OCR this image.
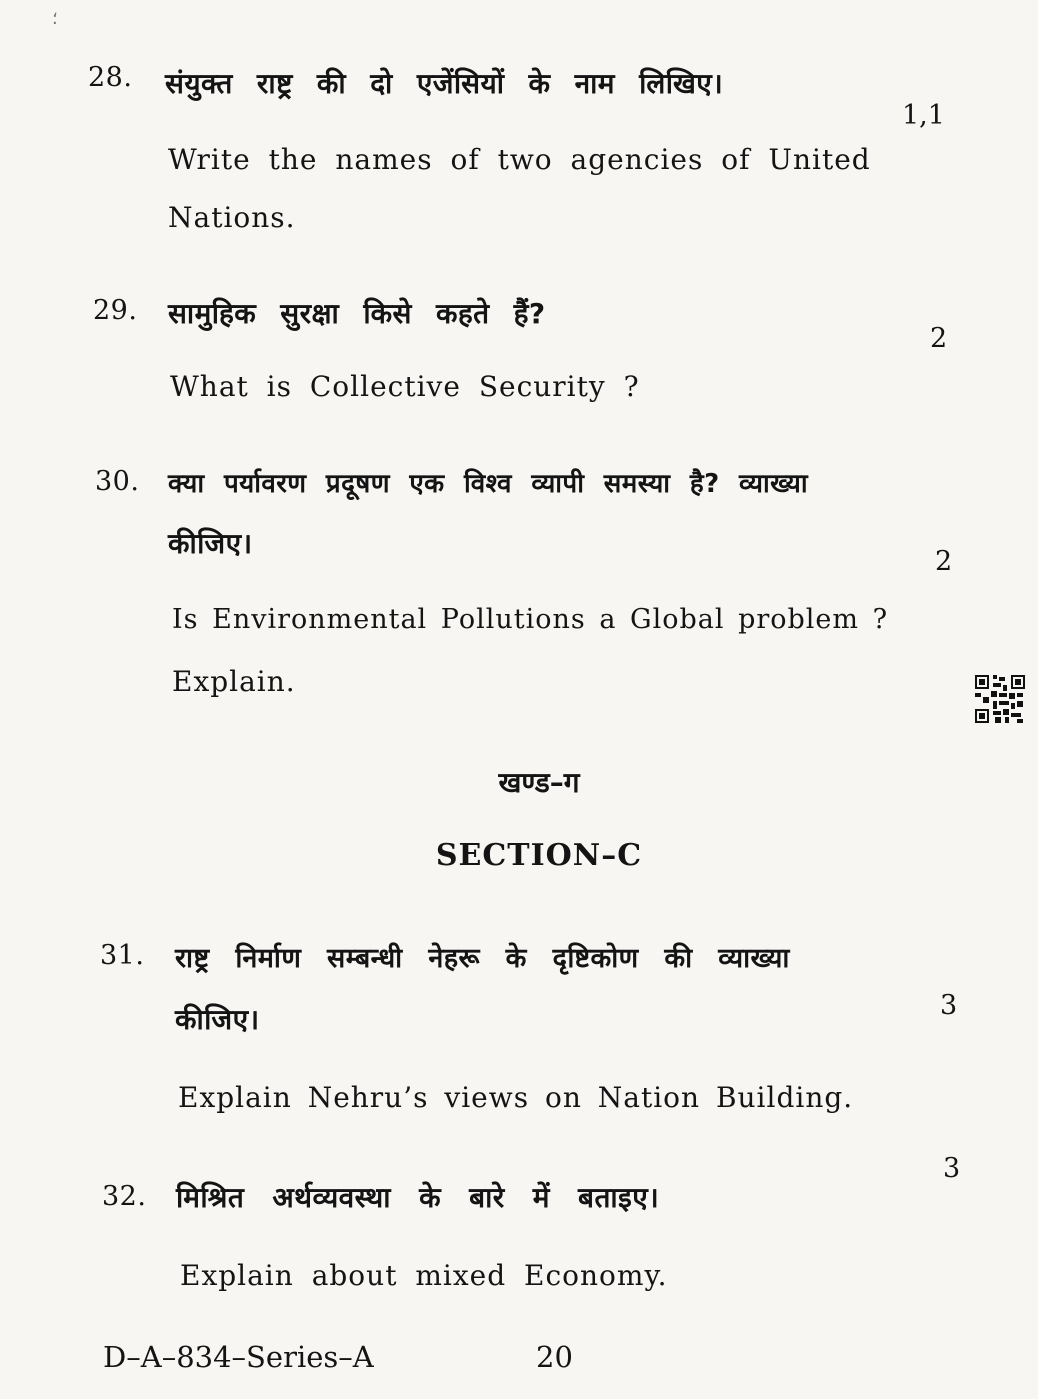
؛
28. संयुक्त राष्ट्र की दो एजेंसियों के नाम लिखिए।
1,1
Write the names of two agencies of United
Nations.
29. सामुहिक सुरक्षा किसे कहते हैं?
2
What is Collective Security ?
30. क्या पर्यावरण प्रदूषण एक विश्व व्यापी समस्या है? व्याख्या
कीजिए।
2
Is Environmental Pollutions a Global problem ?
Explain.
खण्ड–ग
SECTION–C
31. राष्ट्र निर्माण सम्बन्धी नेहरू के दृष्टिकोण की व्याख्या
कीजिए।	3
Explain Nehru’s views on Nation Building.
3
32. मिश्रित अर्थव्यवस्था के बारे में बताइए।
Explain about mixed Economy.
D–A–834–Series–A	20
